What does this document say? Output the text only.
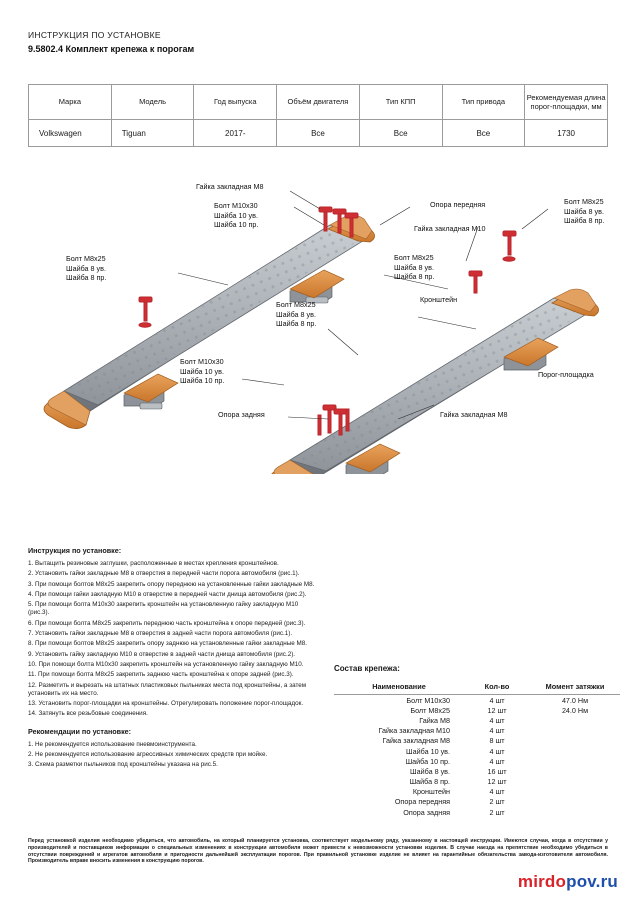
ИНСТРУКЦИЯ ПО УСТАНОВКЕ
9.5802.4 Комплект крепежа к порогам
Марка	Модель	Год выпуска	Объём двигателя	Тип КПП	Тип привода	Рекомендуемая длина порог-площадки, мм
Volkswagen	Tiguan	2017-	Все	Все	Все	1730
Гайка закладная М8
Болт М10х30
Шайба 10 ув.
Шайба 10 пр.
Опора передняя	Болт М8х25
Шайба 8 ув.
Шайба 8 пр.
Гайка закладная М10
Болт М8х25
Шайба 8 ув.
Шайба 8 пр.
Болт М8х25
Шайба 8 ув.
Шайба 8 пр.
Кронштейн
Болт М8х25
Шайба 8 ув.
Шайба 8 пр.
Болт М10х30
Шайба 10 ув.
Шайба 10 пр.
Порог-площадка
Опора задняя	Гайка закладная М8
Инструкция по установке:

1. Вытащить резиновые заглушки, расположенные в местах крепления кронштейнов.

2. Установить гайки закладные М8 в отверстия в передней части порога автомобиля (рис.1).

3. При помощи болтов М8х25 закрепить опору переднюю на установленные гайки закладные М8.

4. При помощи гайки закладную М10 в отверстие в передней части днища автомобиля (рис.2).

5. При помощи болта М10х30 закрепить кронштейн на установленную гайку закладную М10 (рис.3).

6. При помощи болта М8х25 закрепить переднюю часть кронштейна к опоре передней (рис.3).

7. Установить гайки закладные М8 в отверстия в задней части порога автомобиля (рис.1).

8. При помощи болтов М8х25 закрепить опору заднюю на установленные гайки закладные М8.

9. Установить гайку закладную М10 в отверстие в задней части днища автомобиля (рис.2).

10. При помощи болта М10х30 закрепить кронштейн на установленную гайку закладную М10.

11. При помощи болта М8х25 закрепить заднюю часть кронштейна к опоре задней (рис.3).

12. Разметить и вырезать на штатных пластиковых пыльниках места под кронштейны, а затем установить их на место.

13. Установить порог-площадки на кронштейны. Отрегулировать положение порог-площадок.

14. Затянуть все резьбовые соединения.

Рекомендации по установке:

1. Не рекомендуется использование пневмоинструмента.

2. Не рекомендуется использование агрессивных химических средств при мойке.

3. Схема разметки пыльников под кронштейны указана на рис.5.

Состав крепежа:
Наименование	Кол-во	Момент затяжки
Болт М10х30	4 шт	47.0 Нм
Болт М8х25	12 шт	24.0 Нм
Гайка М8	4 шт	
Гайка закладная М10	4 шт	
Гайка закладная М8	8 шт	
Шайба 10 ув.	4 шт	
Шайба 10 пр.	4 шт	
Шайба 8 ув.	16 шт	
Шайба 8 пр.	12 шт	
Кронштейн	4 шт	
Опора передняя	2 шт	
Опора задняя	2 шт	

Перед установкой изделия необходимо убедиться, что автомобиль, на который планируется установка, соответствует модельному ряду, указанному в настоящей инструкции. Имеются случаи, когда в отсутствии у производителей и поставщиков информации о специальных изменениях в конструкции автомобиля может привести к невозможности установки изделия. В случае наезда на препятствие необходимо убедиться в отсутствии повреждений и агрегатов автомобиля и пригодности дальнейшей эксплуатации порогов. При правильной установке изделие не влияет на гарантийные обязательства завода-изготовителя автомобиля. Производитель вправе вносить изменения в конструкцию порогов.

mirdopov.ru
